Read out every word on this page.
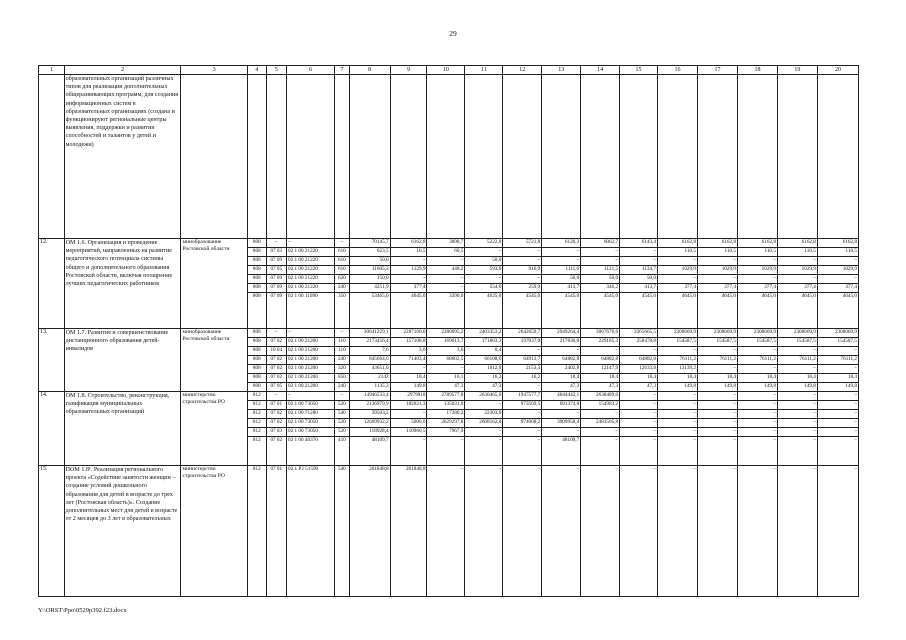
29
1	2	3	4	5	6	7	8	9	10	11	12	13	14	15	16	17	18	19	20
	образовательных организаций различных типов для реализации дополнительных общеразвивающих программ, для создания информационных систем в образовательных организациях (создана и функционируют региональные центры выявления, поддержки и развития способностей и талантов у детей и молодежи)																		
12.	ОМ 1.6. Организация и проведение мероприятий, направленных на развитие педагогического потенциала системы общего и дополнительного образования Ростовской области, включая поощрение лучших педагогических работников	минобразование Ростовской области	808	–	–	–	70145,7	6162,8	3898,7	5222,0	5721,8	6120,3	6062,7	6143,4	6162,8	6162,8	6162,8	6162,8	6162,8
			808	07 03	02 1 00 21220	610	623,5	16,5	60,5	–	–	–	–	–	110,5	110,5	110,5	110,5	110,5
			808	07 09	02 1 00 21220	610	50,0	–	–	50,0	–	–	–	–	–	–	–	–	–
			808	07 05	02 1 00 21220	610	11605,3	1129,9	448,2	593,0	916,9	1111,6	1121,5	1134,7	1029,9	1029,9	1029,9	1029,9	1029,9
			808	07 09	02 1 00 21220	620	150,0	–	–	–	–	50,0	50,0	50,0	–	–	–	–	–
			808	07 09	02 1 00 21220	240	4251,9	377,4	–	554,0	259,9	413,7	346,2	413,7	377,4	377,4	377,4	377,4	377,4
			808	07 09	02 1 00 11090	350	53465,0	4645,0	3390,0	4025,0	4545,0	4545,0	4545,0	4545,0	4645,0	4645,0	4645,0	4645,0	4645,0
13.	ОМ 1.7. Развитие и совершенствование дистанционного образования детей-инвалидов	минобразование Ростовской области	808	–	–	–	30641229,1	2287160,0	2380095,2	2403353,2	2642659,7	2949264,4	3067676,6	3365665,5	2308669,9	2308669,9	2308669,9	2308669,9	2308669,9
			808	07 02	02 1 00 21200	110	2173456,4	157108,8	169013,7	171863,3	197037,0	217830,0	229185,3	258478,8	154587,5	154587,5	154587,5	154587,5	154587,5
			808	10 04	02 1 00 21200	110	7,6	3,6	3,6	0,4	–	–	–	–	–	–	–	–	–
			808	07 02	02 1 00 21200	240	845664,6	71403,4	68602,5	66108,6	64913,7	64882,8	64882,8	64882,8	76111,2	76111,2	76111,2	76111,2	76111,2
			808	07 02	02 1 00 21200	320	43651,0	–	–	1012,0	2153,3	2402,8	12147,9	12633,8	13139,2	–	–	–	–
			808	07 02	02 1 00 21200	850	2142	18,4	16,1	16,3	16,2	18,4	18,4	18,4	18,4	18,4	18,4	18,4	18,4
			808	07 05	02 1 00 21200	240	1135,3	149,8	47,3	47,3	–	47,3	47,3	47,3	149,8	149,8	149,8	149,8	149,8
14.	ОМ 1.8. Строительство, реконструкция, газификация муниципальных образовательных организаций	министерство строительства РО	812	–	–	–	14946533,4	2979918	2789577,8	2630465,0	1947577,7	4644442,1	2638489,0	–	–	–	–	–	–
			812	07 01	02 1 00 73050	520	2136979,9	182021,3	135031,9	–	973569,5	691374,0	154983,2	–	–	–	–	–	–
			812	07 02	02 1 00 71280	540	39503,2	–	17280,2	22303,0	–	–	–	–	–	–	–	–	–
			812	07 02	02 1 00 73050	520	12609932,2	5000,0	2629297,8	2608162,0	974008,2	3909958,4	2483505,8	–	–	–	–	–	–
			812	07 03	02 1 00 73050	520	118928,4	110960,5	7967,9	–	–	–	–	–	–	–	–	–	–
			812	07 02	02 1 00 40370	410	48109,7	–	–	–	–	48109,7	–	–	–	–	–	–	–
15.	ПОМ 1.8¹. Реализация регионального проекта «Содействие занятости женщин – создание условий дошкольного образования для детей в возрасте до трех лет (Ростовская область)». Создание дополнительных мест для детей в возрасте от 2 месяцев до 3 лет в образовательных	министерство строительства РО	812	07 01	02 1 P2 51590	540	201848,8	201848,8	–	–	–	–	–	–	–	–	–	–	–
Y:\ORST\Ppo\0529p392.f23.docx
